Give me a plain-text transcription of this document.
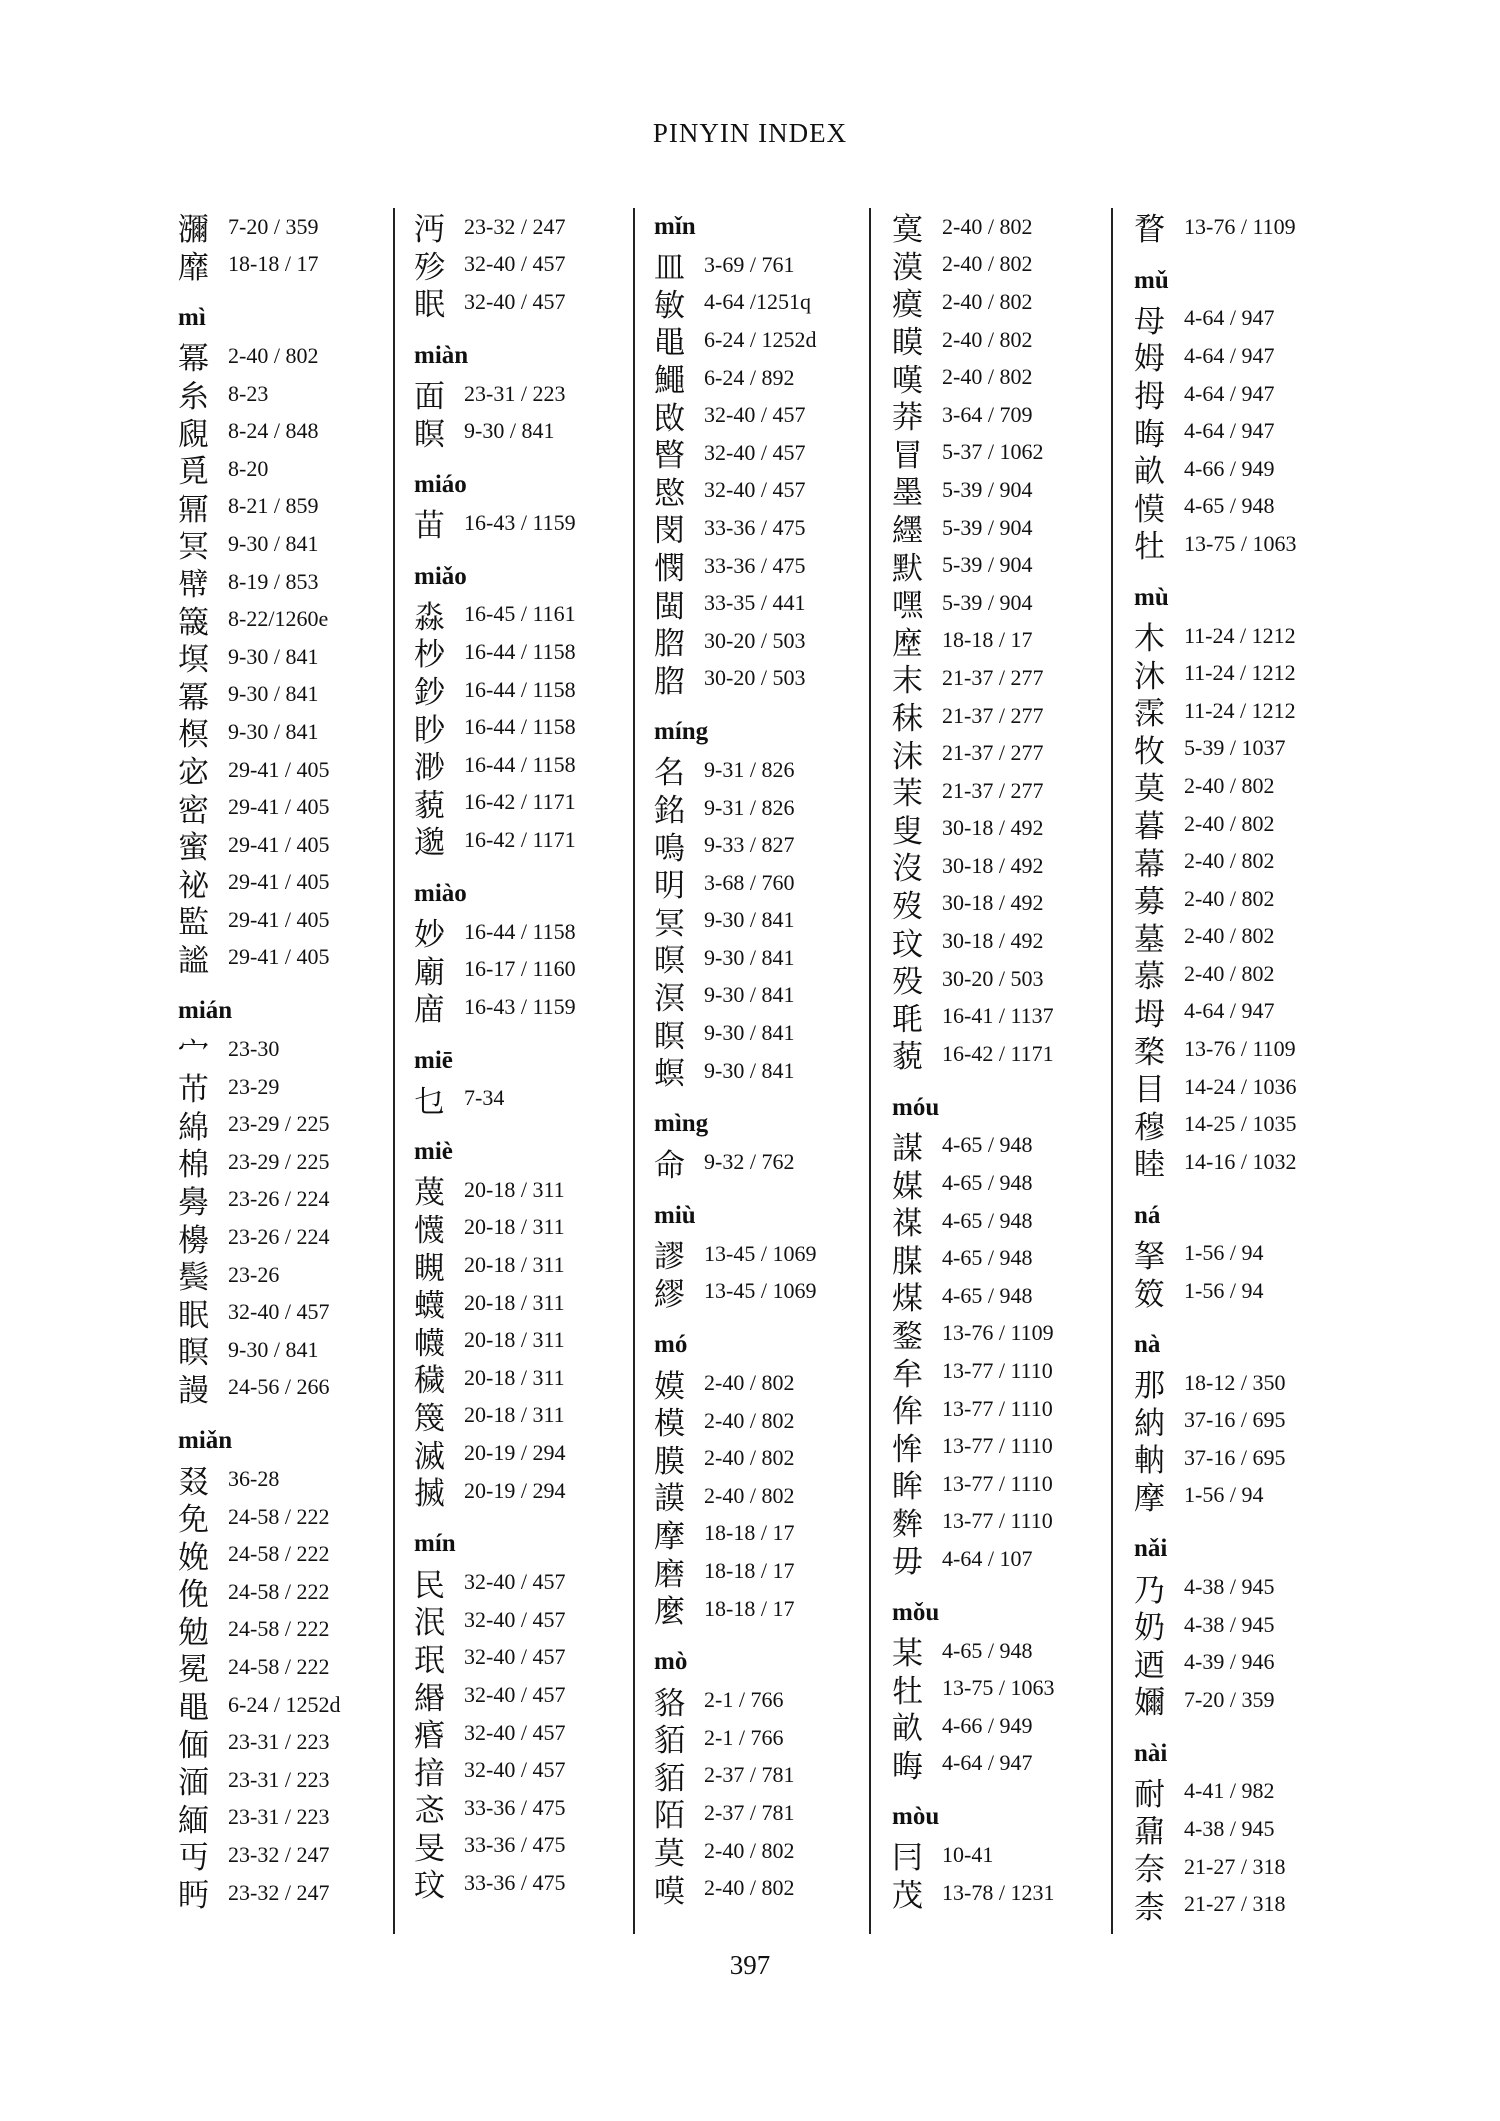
PINYIN INDEX
瀰 7-20 / 359
靡 18-18 / 17
mì
冪 2-40 / 802
糸 8-23
覛 8-24 / 848
覓 8-20
鼏 8-21 / 859
冥 9-30 / 841
幦 8-19 / 853
簚 8-22/1260e
塓 9-30 / 841
冪 9-30 / 841
榠 9-30 / 841
宓 29-41 / 405
密 29-41 / 405
蜜 29-41 / 405
祕 29-41 / 405
監 29-41 / 405
謐 29-41 / 405
mián
宀 23-30
芇 23-29
綿 23-29 / 225
棉 23-29 / 225
臱 23-26 / 224
櫋 23-26 / 224
鬓 23-26
眠 32-40 / 457
瞑 9-30 / 841
謾 24-56 / 266
miǎn
叕 36-28
免 24-58 / 222
娩 24-58 / 222
俛 24-58 / 222
勉 24-58 / 222
冕 24-58 / 222
黽 6-24 / 1252d
偭 23-31 / 223
湎 23-31 / 223
緬 23-31 / 223
丏 23-32 / 247
眄 23-32 / 247
沔 23-32 / 247
殄 32-40 / 457
眠 32-40 / 457
miàn
面 23-31 / 223
瞑 9-30 / 841
miáo
苗 16-43 / 1159
miǎo
淼 16-45 / 1161
杪 16-44 / 1158
鈔 16-44 / 1158
眇 16-44 / 1158
渺 16-44 / 1158
藐 16-42 / 1171
邈 16-42 / 1171
miào
妙 16-44 / 1158
廟 16-17 / 1160
庿 16-43 / 1159
miē
乜 7-34
miè
蔑 20-18 / 311
懱 20-18 / 311
瞡 20-18 / 311
蠛 20-18 / 311
幭 20-18 / 311
穢 20-18 / 311
篾 20-18 / 311
滅 20-19 / 294
搣 20-19 / 294
mín
民 32-40 / 457
泯 32-40 / 457
珉 32-40 / 457
緡 32-40 / 457
痻 32-40 / 457
揞 32-40 / 457
忞 33-36 / 475
旻 33-36 / 475
玟 33-36 / 475
mǐn
皿 3-69 / 761
敏 4-64 /1251q
黽 6-24 / 1252d
鱦 6-24 / 892
敃 32-40 / 457
暋 32-40 / 457
愍 32-40 / 457
閔 33-36 / 475
憫 33-36 / 475
閩 33-35 / 441
脗 30-20 / 503
脗 30-20 / 503
míng
名 9-31 / 826
銘 9-31 / 826
鳴 9-33 / 827
明 3-68 / 760
冥 9-30 / 841
暝 9-30 / 841
溟 9-30 / 841
瞑 9-30 / 841
螟 9-30 / 841
mìng
命 9-32 / 762
miù
謬 13-45 / 1069
繆 13-45 / 1069
mó
嫫 2-40 / 802
模 2-40 / 802
膜 2-40 / 802
謨 2-40 / 802
摩 18-18 / 17
磨 18-18 / 17
麼 18-18 / 17
mò
貉 2-1 / 766
貊 2-1 / 766
貊 2-37 / 781
陌 2-37 / 781
莫 2-40 / 802
嗼 2-40 / 802
寞 2-40 / 802
漠 2-40 / 802
瘼 2-40 / 802
瞙 2-40 / 802
嘆 2-40 / 802
莽 3-64 / 709
冒 5-37 / 1062
墨 5-39 / 904
纆 5-39 / 904
默 5-39 / 904
嘿 5-39 / 904
塺 18-18 / 17
末 21-37 / 277
秣 21-37 / 277
沫 21-37 / 277
茉 21-37 / 277
叟 30-18 / 492
沒 30-18 / 492
歿 30-18 / 492
玟 30-18 / 492
殁 30-20 / 503
毦 16-41 / 1137
藐 16-42 / 1171
móu
謀 4-65 / 948
媒 4-65 / 948
禖 4-65 / 948
腜 4-65 / 948
煤 4-65 / 948
鍪 13-76 / 1109
牟 13-77 / 1110
侔 13-77 / 1110
恈 13-77 / 1110
眸 13-77 / 1110
麰 13-77 / 1110
毋 4-64 / 107
mǒu
某 4-65 / 948
牡 13-75 / 1063
畝 4-66 / 949
晦 4-64 / 947
mòu
冃 10-41
茂 13-78 / 1231
瞀 13-76 / 1109
mǔ
母 4-64 / 947
姆 4-64 / 947
拇 4-64 / 947
晦 4-64 / 947
畝 4-66 / 949
慔 4-65 / 948
牡 13-75 / 1063
mù
木 11-24 / 1212
沐 11-24 / 1212
霂 11-24 / 1212
牧 5-39 / 1037
莫 2-40 / 802
暮 2-40 / 802
幕 2-40 / 802
募 2-40 / 802
墓 2-40 / 802
慕 2-40 / 802
坶 4-64 / 947
楘 13-76 / 1109
目 14-24 / 1036
穆 14-25 / 1035
睦 14-16 / 1032
ná
拏 1-56 / 94
笯 1-56 / 94
nà
那 18-12 / 350
納 37-16 / 695
軜 37-16 / 695
摩 1-56 / 94
nǎi
乃 4-38 / 945
奶 4-38 / 945
迺 4-39 / 946
嬭 7-20 / 359
nài
耐 4-41 / 982
鼐 4-38 / 945
奈 21-27 / 318
柰 21-27 / 318
397
